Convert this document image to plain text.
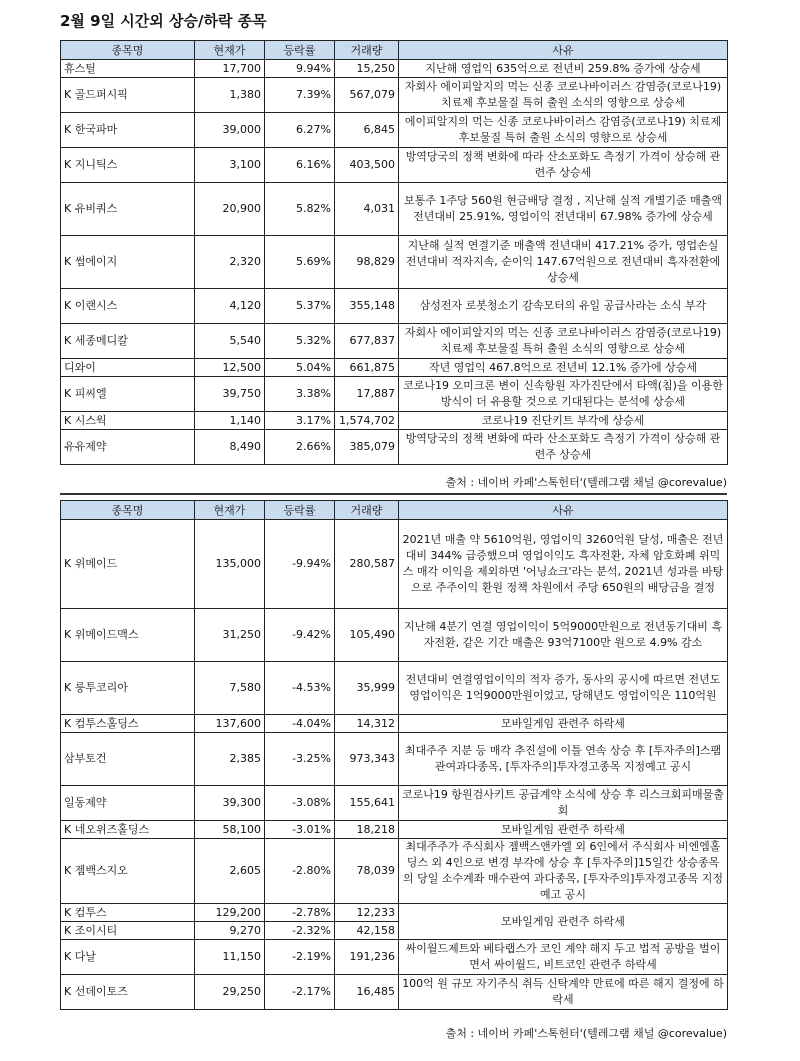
2월 9일 시간외 상승/하락 종목
종목명	현재가	등락률	거래량	사유
휴스틸	17,700	9.94%	15,250	지난해 영업익 635억으로 전년비 259.8% 증가에 상승세
K 골드퍼시픽	1,380	7.39%	567,079	자회사 에이피알지의 먹는 신종 코로나바이러스 감염증(코로나19) 치료제 후보물질 특허 출원 소식의 영향으로 상승세
K 한국파마	39,000	6.27%	6,845	에이피알지의 먹는 신종 코로나바이러스 감염증(코로나19) 치료제 후보물질 특허 출원 소식의 영향으로 상승세
K 지니틱스	3,100	6.16%	403,500	방역당국의 정책 변화에 따라 산소포화도 측정기 가격이 상승해 관련주 상승세
K 유비쿼스	20,900	5.82%	4,031	보통주 1주당 560원 현금배당 결정 , 지난해 실적 개별기준 매출액 전년대비 25.91%, 영업이익 전년대비 67.98% 증가에 상승세
K 썸에이지	2,320	5.69%	98,829	지난해 실적 연결기준 매출액 전년대비 417.21% 증가, 영업손실 전년대비 적자지속, 순이익 147.67억원으로 전년대비 흑자전환에 상승세
K 이랜시스	4,120	5.37%	355,148	삼성전자 로봇청소기 감속모터의 유일 공급사라는 소식 부각
K 세종메디칼	5,540	5.32%	677,837	자회사 에이피알지의 먹는 신종 코로나바이러스 감염증(코로나19) 치료제 후보물질 특허 출원 소식의 영향으로 상승세
디와이	12,500	5.04%	661,875	작년 영업익 467.8억으로 전년비 12.1% 증가에 상승세
K 피씨엘	39,750	3.38%	17,887	코로나19 오미크론 변이 신속항원 자가진단에서 타액(침)을 이용한 방식이 더 유용할 것으로 기대된다는 분석에 상승세
K 시스웍	1,140	3.17%	1,574,702	코로나19 진단키트 부각에 상승세
유유제약	8,490	2.66%	385,079	방역당국의 정책 변화에 따라 산소포화도 측정기 가격이 상승해 관련주 상승세
출처 : 네이버 카페'스톡헌터'(텔레그램 채널 @corevalue)
종목명	현재가	등락률	거래량	사유
K 위메이드	135,000	-9.94%	280,587	2021년 매출 약 5610억원, 영업이익 3260억원 달성, 매출은 전년대비 344% 급증했으며 영업이익도 흑자전환, 자체 암호화폐 위믹스 매각 이익을 제외하면 '어닝쇼크'라는 분석, 2021년 성과를 바탕으로 주주이익 환원 정책 차원에서 주당 650원의 배당금을 결정
K 위메이드맥스	31,250	-9.42%	105,490	지난해 4분기 연결 영업이익이 5억9000만원으로 전년동기대비 흑자전환, 같은 기간 매출은 93억7100만 원으로 4.9% 감소
K 룽투코리아	7,580	-4.53%	35,999	전년대비 연결영업이익의 적자 증가, 동사의 공시에 따르면 전년도 영업이익은 1억9000만원이었고, 당해년도 영업이익은 110억원
K 컴투스홀딩스	137,600	-4.04%	14,312	모바일게임 관련주 하락세
삼부토건	2,385	-3.25%	973,343	최대주주 지분 등 매각 추진설에 이틀 연속 상승 후 [투자주의]스팸관여과다종목, [투자주의]투자경고종목 지정예고 공시
일동제약	39,300	-3.08%	155,641	코로나19 항원검사키트 공급계약 소식에 상승 후 리스크회피매물출회
K 네오위즈홀딩스	58,100	-3.01%	18,218	모바일게임 관련주 하락세
K 젬백스지오	2,605	-2.80%	78,039	최대주주가 주식회사 젬백스앤카엘 외 6인에서 주식회사 비엔엠홀딩스 외 4인으로 변경 부각에 상승 후 [투자주의]15일간 상승종목의 당일 소수계좌 매수관여 과다종목, [투자주의]투자경고종목 지정예고 공시
K 컴투스	129,200	-2.78%	12,233	모바일게임 관련주 하락세
K 조이시티	9,270	-2.32%	42,158	
K 다날	11,150	-2.19%	191,236	싸이월드제트와 베타랩스가 코인 계약 해지 두고 법적 공방을 벌이면서 싸이월드, 비트코인 관련주 하락세
K 선데이토즈	29,250	-2.17%	16,485	100억 원 규모 자기주식 취득 신탁계약 만료에 따른 해지 결정에 하락세
출처 : 네이버 카페'스톡헌터'(텔레그램 채널 @corevalue)
